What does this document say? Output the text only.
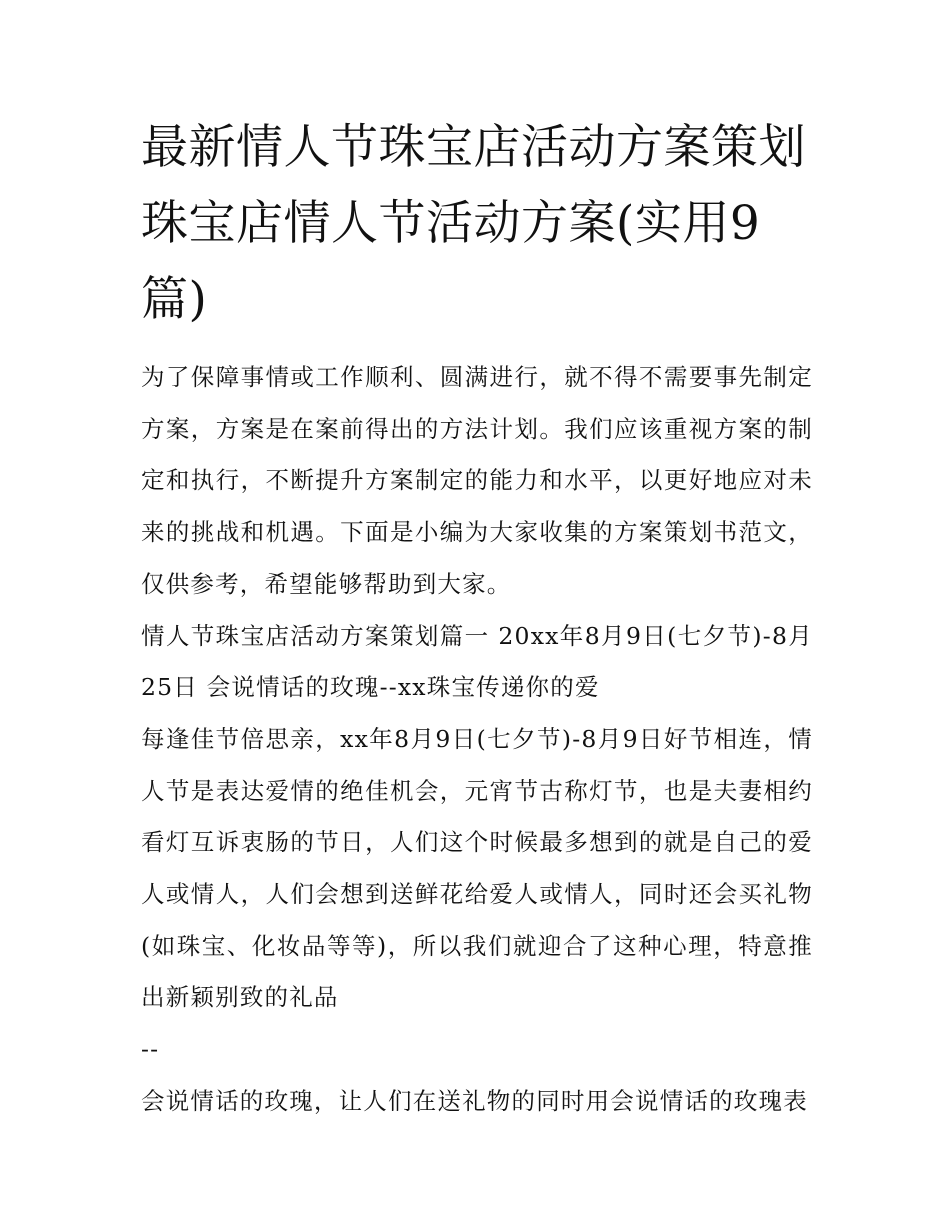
最新情人节珠宝店活动方案策划 珠宝店情人节活动方案(实用9篇)

为了保障事情或工作顺利、圆满进行，就不得不需要事先制定方案，方案是在案前得出的方法计划。我们应该重视方案的制定和执行，不断提升方案制定的能力和水平，以更好地应对未来的挑战和机遇。下面是小编为大家收集的方案策划书范文，仅供参考，希望能够帮助到大家。

情人节珠宝店活动方案策划篇一 20xx年8月9日(七夕节)-8月25日 会说情话的玫瑰--xx珠宝传递你的爱

每逢佳节倍思亲，xx年8月9日(七夕节)-8月9日好节相连，情人节是表达爱情的绝佳机会，元宵节古称灯节，也是夫妻相约看灯互诉衷肠的节日，人们这个时候最多想到的就是自己的爱人或情人，人们会想到送鲜花给爱人或情人，同时还会买礼物(如珠宝、化妆品等等)，所以我们就迎合了这种心理，特意推出新颖别致的礼品

--

会说情话的玫瑰，让人们在送礼物的同时用会说情话的玫瑰表
